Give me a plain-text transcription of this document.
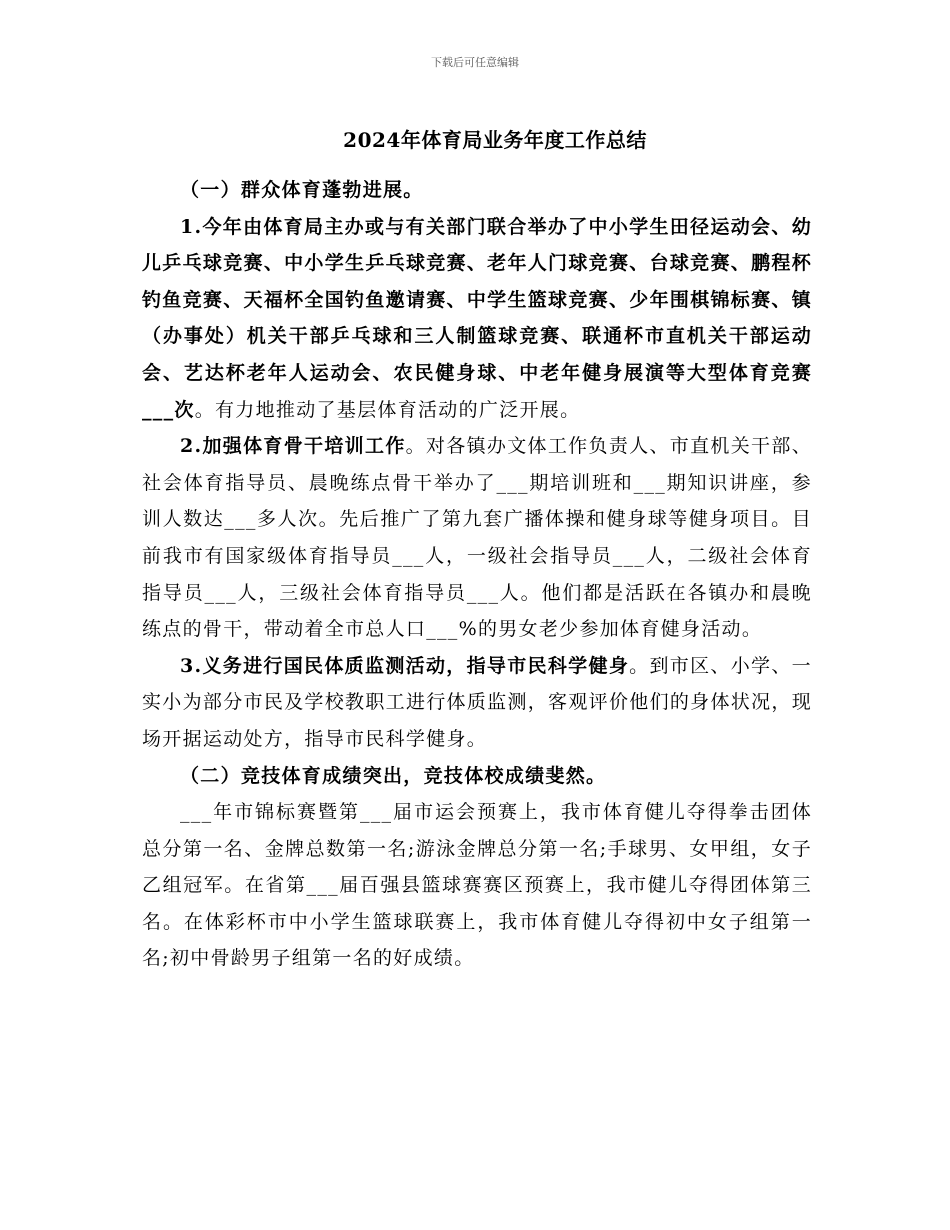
下载后可任意编辑
2024年体育局业务年度工作总结

（一）群众体育蓬勃进展。

1.今年由体育局主办或与有关部门联合举办了中小学生田径运动会、幼儿乒乓球竞赛、中小学生乒乓球竞赛、老年人门球竞赛、台球竞赛、鹏程杯钓鱼竞赛、天福杯全国钓鱼邀请赛、中学生篮球竞赛、少年围棋锦标赛、镇（办事处）机关干部乒乓球和三人制篮球竞赛、联通杯市直机关干部运动会、艺达杯老年人运动会、农民健身球、中老年健身展演等大型体育竞赛___次。有力地推动了基层体育活动的广泛开展。

2.加强体育骨干培训工作。对各镇办文体工作负责人、市直机关干部、社会体育指导员、晨晚练点骨干举办了___期培训班和___期知识讲座，参训人数达___多人次。先后推广了第九套广播体操和健身球等健身项目。目前我市有国家级体育指导员___人，一级社会指导员___人，二级社会体育指导员___人，三级社会体育指导员___人。他们都是活跃在各镇办和晨晚练点的骨干，带动着全市总人口___%的男女老少参加体育健身活动。

3.义务进行国民体质监测活动，指导市民科学健身。到市区、小学、一实小为部分市民及学校教职工进行体质监测，客观评价他们的身体状况，现场开据运动处方，指导市民科学健身。

（二）竞技体育成绩突出，竞技体校成绩斐然。

___年市锦标赛暨第___届市运会预赛上，我市体育健儿夺得拳击团体总分第一名、金牌总数第一名;游泳金牌总分第一名;手球男、女甲组，女子乙组冠军。在省第___届百强县篮球赛赛区预赛上，我市健儿夺得团体第三名。在体彩杯市中小学生篮球联赛上，我市体育健儿夺得初中女子组第一名;初中骨龄男子组第一名的好成绩。
